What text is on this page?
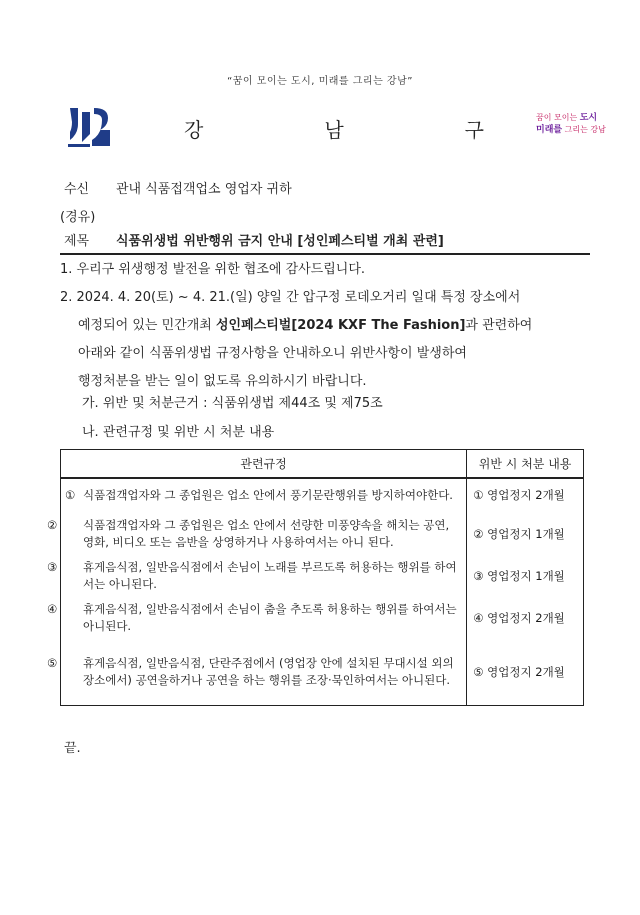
“꿈이 모이는 도시, 미래를 그리는 강남”
강	남	구
꿈이 모이는 도시
미래를 그리는 강남
수신 관내 식품접객업소 영업자 귀하
(경유)
제목 식품위생법 위반행위 금지 안내 [성인페스티벌 개최 관련]
1. 우리구 위생행정 발전을 위한 협조에 감사드립니다.
2. 2024. 4. 20(토) ~ 4. 21.(일) 양일 간 압구정 로데오거리 일대 특정 장소에서
예정되어 있는 민간개최 성인페스티벌[2024 KXF The Fashion]과 관련하여
아래와 같이 식품위생법 규정사항을 안내하오니 위반사항이 발생하여
행정처분을 받는 일이 없도록 유의하시기 바랍니다.
가. 위반 및 처분근거 : 식품위생법 제44조 및 제75조
나. 관련규정 및 위반 시 처분 내용
관련규정	위반 시 처분 내용
① 식품접객업자와 그 종업원은 업소 안에서 풍기문란행위를 방지하여야한다.	① 영업정지 2개월

② 식품접객업자와 그 종업원은 업소 안에서 선량한 미풍양속을 해치는 공연, 영화, 비디오 또는 음반을 상영하거나 사용하여서는 아니 된다.	② 영업정지 1개월

③ 휴게음식점, 일반음식점에서 손님이 노래를 부르도록 허용하는 행위를 하여서는 아니된다.	③ 영업정지 1개월

④ 휴게음식점, 일반음식점에서 손님이 춤을 추도록 허용하는 행위를 하여서는 아니된다.	④ 영업정지 2개월

⑤ 휴게음식점, 일반음식점, 단란주점에서 (영업장 안에 설치된 무대시설 외의 장소에서) 공연을하거나 공연을 하는 행위를 조장·묵인하여서는 아니된다.	⑤ 영업정지 2개월
끝.
